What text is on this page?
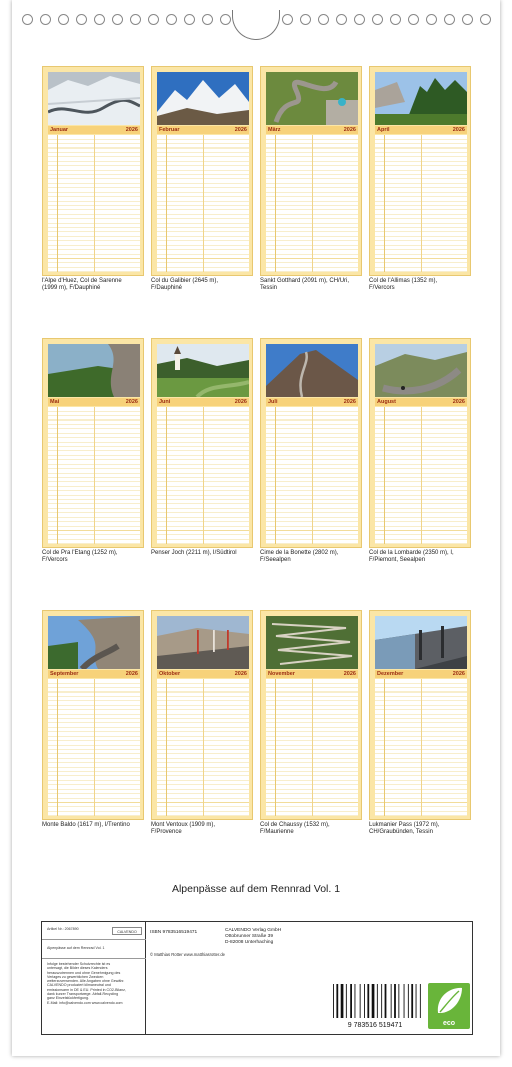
Januar	2026
l'Alpe d'Huez, Col de Sarenne
(1999 m), F/Dauphiné
Februar	2026
Col du Galibier (2645 m),
F/Dauphiné
März	2026
Sankt Gotthard (2091 m), CH/Uri,
Tessin
April	2026
Col de l'Allimas (1352 m),
F/Vercors
Mai	2026
Col de Pra l'Etang (1252 m),
F/Vercors
Juni	2026
Penser Joch (2211 m), I/Südtirol
Juli	2026
Cime de la Bonette (2802 m),
F/Seealpen
August	2026
Col de la Lombarde (2350 m), I,
F/Piemont, Seealpen
September	2026
Monte Baldo (1617 m), I/Trentino
Oktober	2026
Mont Ventoux (1909 m),
F/Provence
November	2026
Col de Chaussy (1532 m),
F/Maurienne
Dezember	2026
Lukmanier Pass (1972 m),
CH/Graubünden, Tessin
Alpenpässe auf dem Rennrad Vol. 1
Artikel Nr.: 2067890
CALVENDO
Alpenpässe auf dem Rennrad Vol. 1
Infolge bestehender Schutzrechte ist es
untersagt, die Bilder dieses Kalenders
herauszutrennen und ohne Genehmigung des
Verlages zu gewerblichen Zwecken
weiterzuverwenden. Alle Angaben ohne Gewähr.
CALVENDO produziert klimaneutral und
emissionsarm in DE & EU. Printed in CO2-Bilanz,
dank kurzer Transportwege. Abfall-Recycling
ganz Einzelstückfertigung.
E-Mail: info@calvendo.com www.calvendo.com
ISBN 9783516519471	CALVENDO Verlag GmbH
Ottobrunner Straße 39
D-82008 Unterhaching
© Matthias Rotter www.matthiasrotter.de
9 783516 519471	eco
